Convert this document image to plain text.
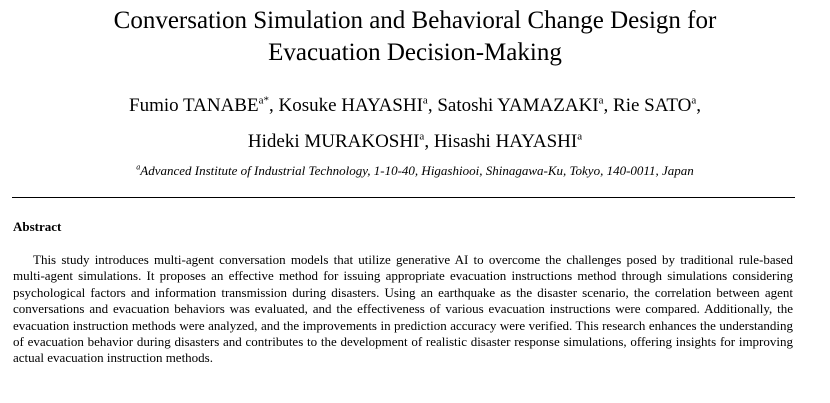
Conversation Simulation and Behavioral Change Design for
Evacuation Decision-Making
Fumio $TANABE^{a*}$, Kosuke HAYASHI$^a$, Satoshi YAMAZAKI$^a$, Rie SATO$^a$,
Hideki MURAKOSHI$^a$, Hisashi HAYASHI$^a$
$^a$Advanced Institute of Industrial Technology, 1-10-40, Higashiooi, Shinagawa-Ku, Tokyo, 140-0011, Japan
Abstract

This study introduces multi-agent conversation models that utilize generative AI to overcome the challenges posed by traditional rule-based multi-agent simulations. It proposes an effective method for issuing appropriate evacuation instructions method through simulations considering psychological factors and information transmission during disasters. Using an earthquake as the disaster scenario, the correlation between agent conversations and evacuation behaviors was evaluated, and the effectiveness of various evacuation instructions were compared. Additionally, the evacuation instruction methods were analyzed, and the improvements in prediction accuracy were verified. This research enhances the understanding of evacuation behavior during disasters and contributes to the development of realistic disaster response simulations, offering insights for improving actual evacuation instruction methods.
